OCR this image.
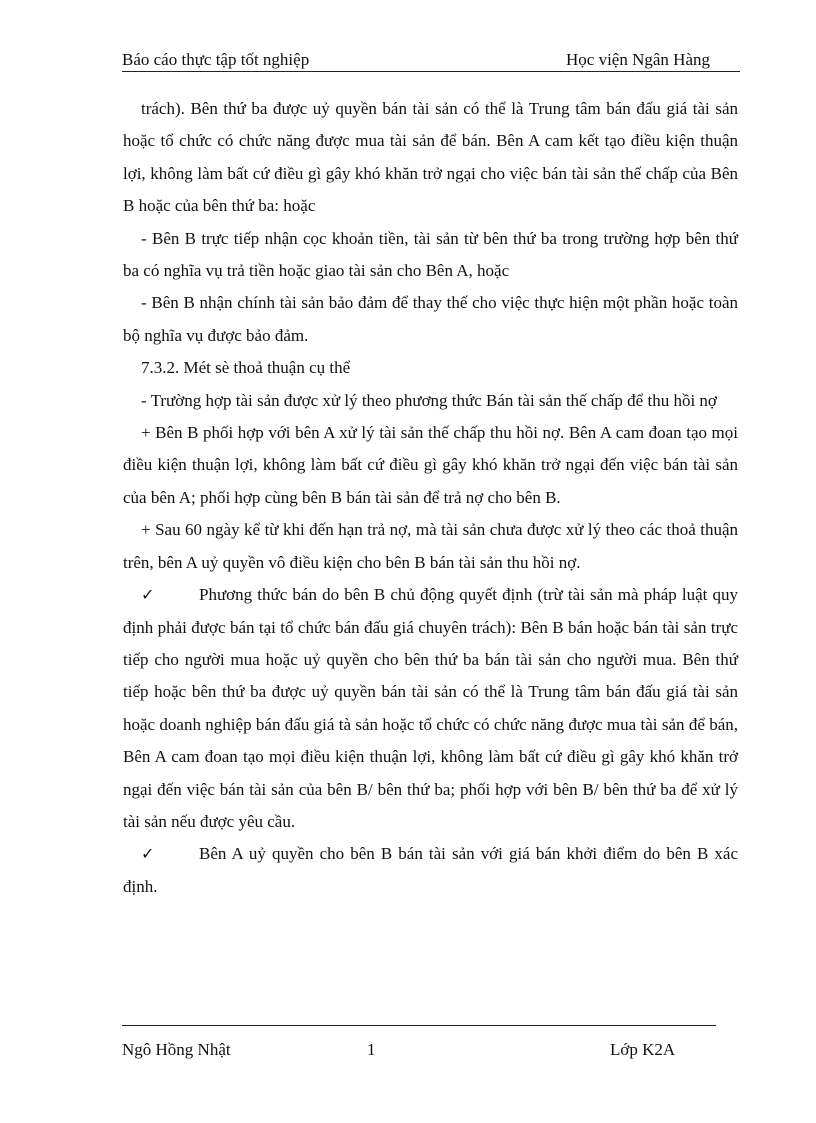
Báo cáo thực tập tốt nghiệp	Học viện Ngân Hàng

trách). Bên thứ ba được uỷ quyền bán tài sản có thể là Trung tâm bán đấu giá tài sản hoặc tổ chức có chức năng được mua tài sản để bán. Bên A cam kết tạo điều kiện thuận lợi, không làm bất cứ điều gì gây khó khăn trở ngại cho việc bán tài sản thế chấp của Bên B hoặc của bên thứ ba: hoặc

- Bên B trực tiếp nhận cọc khoản tiền, tài sản từ bên thứ ba trong trường hợp bên thứ ba có nghĩa vụ trả tiền hoặc giao tài sản cho Bên A, hoặc

- Bên B nhận chính tài sản bảo đảm để thay thế cho việc thực hiện một phần hoặc toàn bộ nghĩa vụ được bảo đảm.

7.3.2. Mét sè thoả thuận cụ thể

- Trường hợp tài sản được xử lý theo phương thức Bán tài sản thế chấp để thu hồi nợ

+ Bên B phối hợp với bên A xử lý tài sản thế chấp thu hồi nợ. Bên A cam đoan tạo mọi điều kiện thuận lợi, không làm bất cứ điều gì gây khó khăn trở ngại đến việc bán tài sản của bên A; phối hợp cùng bên B bán tài sản để trả nợ cho bên B.

+ Sau 60 ngày kể từ khi đến hạn trả nợ, mà tài sản chưa được xử lý theo các thoả thuận trên, bên A uỷ quyền vô điều kiện cho bên B bán tài sản thu hồi nợ.

✓	Phương thức bán do bên B chủ động quyết định (trừ tài sản mà pháp luật quy định phải được bán tại tổ chức bán đấu giá chuyên trách): Bên B bán hoặc bán tài sản trực tiếp cho người mua hoặc uỷ quyền cho bên thứ ba bán tài sản cho người mua. Bên thứ tiếp hoặc bên thứ ba được uỷ quyền bán tài sản có thể là Trung tâm bán đấu giá tài sản hoặc doanh nghiệp bán đấu giá tà sản hoặc tổ chức có chức năng được mua tài sản để bán, Bên A cam đoan tạo mọi điều kiện thuận lợi, không làm bất cứ điều gì gây khó khăn trở ngại đến việc bán tài sản của bên B/ bên thứ ba; phối hợp với bên B/ bên thứ ba để xử lý tài sản nếu được yêu cầu.

✓	Bên A uỷ quyền cho bên B bán tài sản với giá bán khởi điểm do bên B xác định.

Ngô Hồng Nhật	1	Lớp K2A
